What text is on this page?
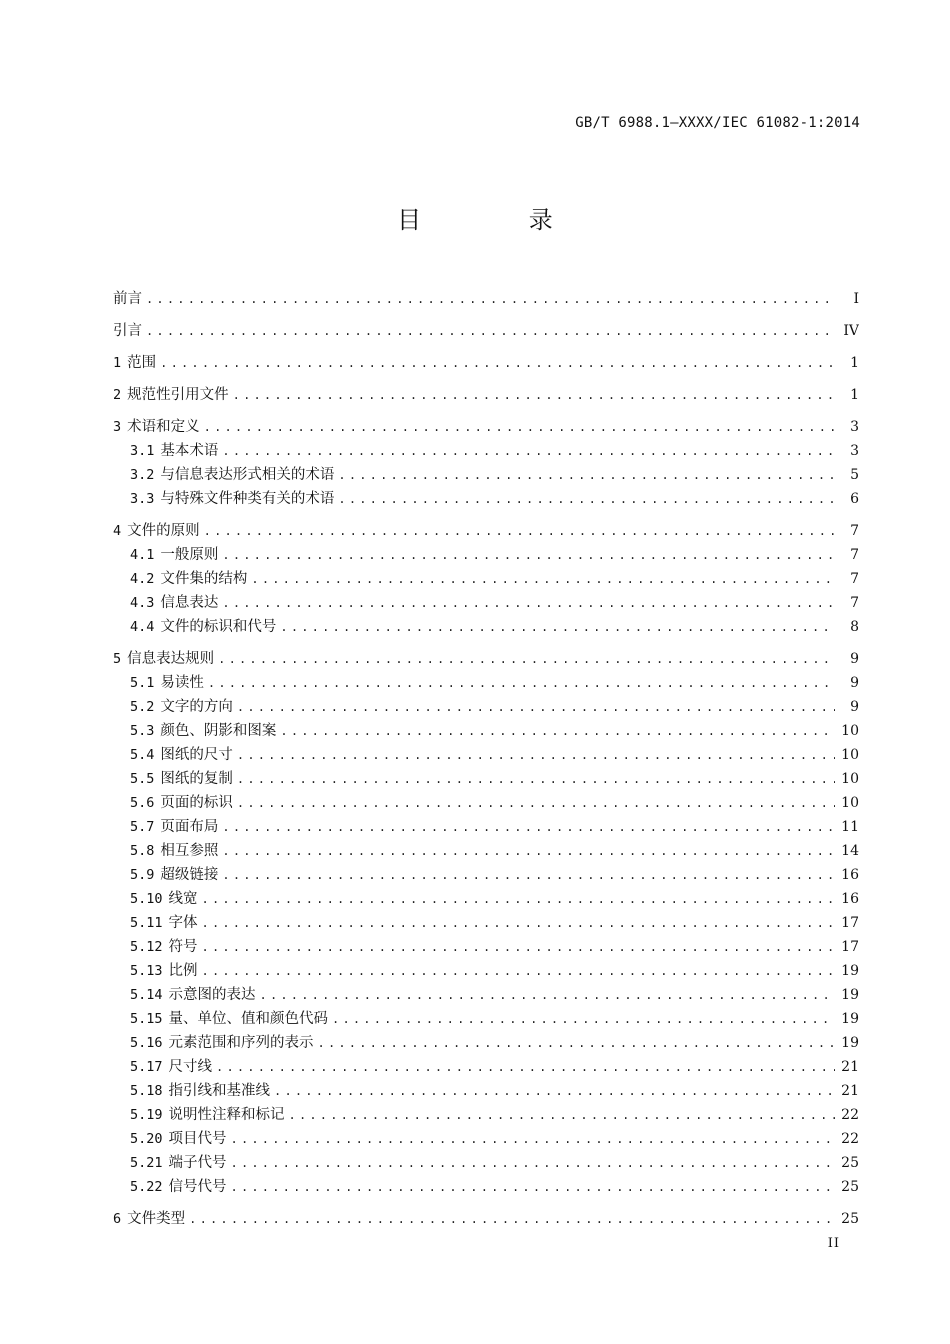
GB/T 6988.1—XXXX/IEC 61082-1:2014
目 录
前言 .....	I
引言 .....	IV
1 范围 .....	1
2 规范性引用文件 .....	1
3 术语和定义 .....	3
3.1 基本术语 .....	3
3.2 与信息表达形式相关的术语 .....	5
3.3 与特殊文件种类有关的术语 .....	6
4 文件的原则 .....	7
4.1 一般原则 .....	7
4.2 文件集的结构 .....	7
4.3 信息表达 .....	7
4.4 文件的标识和代号 .....	8
5 信息表达规则 .....	9
5.1 易读性 .....	9
5.2 文字的方向 .....	9
5.3 颜色、阴影和图案 .....	10
5.4 图纸的尺寸 .....	10
5.5 图纸的复制 .....	10
5.6 页面的标识 .....	10
5.7 页面布局 .....	11
5.8 相互参照 .....	14
5.9 超级链接 .....	16
5.10 线宽 .....	16
5.11 字体 .....	17
5.12 符号 .....	17
5.13 比例 .....	19
5.14 示意图的表达 .....	19
5.15 量、单位、值和颜色代码 .....	19
5.16 元素范围和序列的表示 .....	19
5.17 尺寸线 .....	21
5.18 指引线和基准线 .....	21
5.19 说明性注释和标记 .....	22
5.20 项目代号 .....	22
5.21 端子代号 .....	25
5.22 信号代号 .....	25
6 文件类型 .....	25
II
